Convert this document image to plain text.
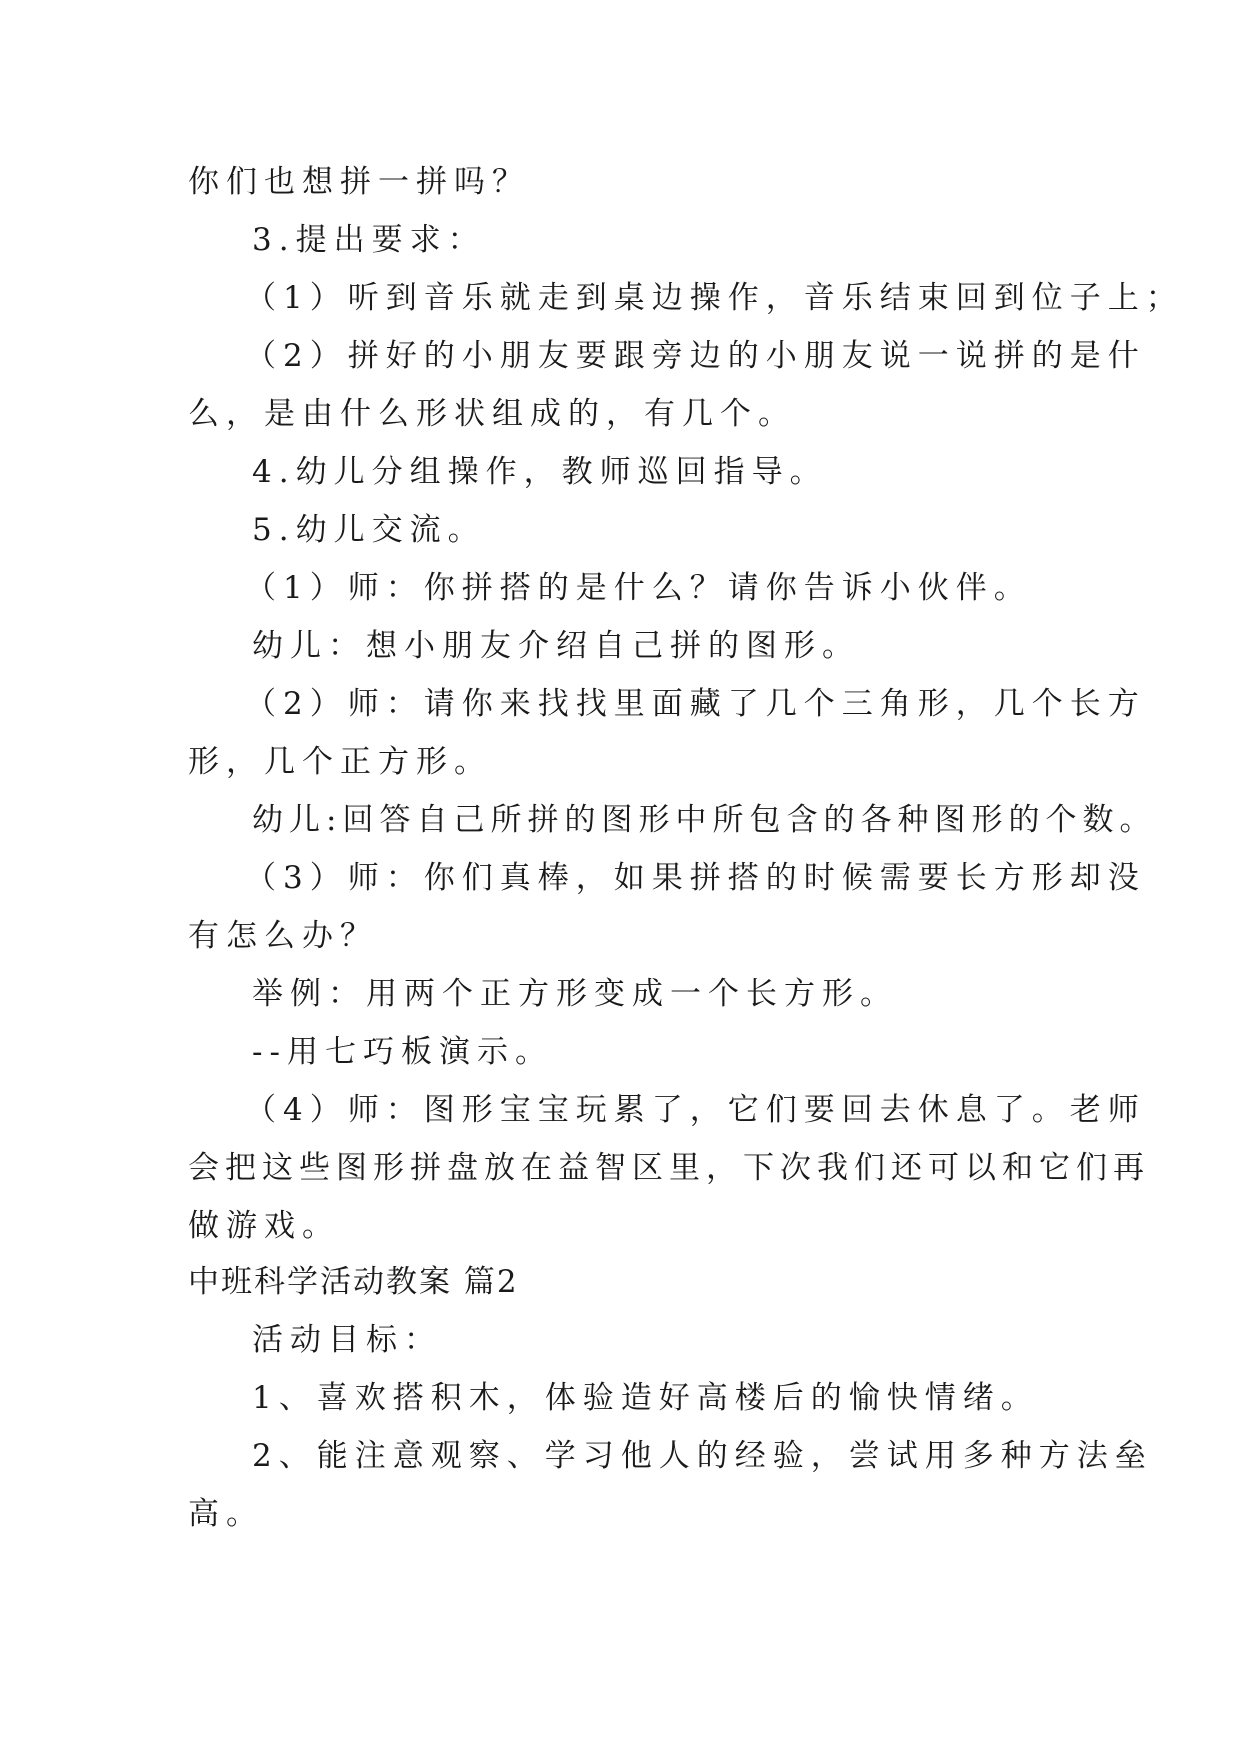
你们也想拼一拼吗？
3.提出要求：
（1）听到音乐就走到桌边操作，音乐结束回到位子上；
（2）拼好的小朋友要跟旁边的小朋友说一说拼的是什
么，是由什么形状组成的，有几个。
4.幼儿分组操作，教师巡回指导。
5.幼儿交流。
（1）师：你拼搭的是什么？请你告诉小伙伴。
幼儿：想小朋友介绍自己拼的图形。
（2）师：请你来找找里面藏了几个三角形，几个长方
形，几个正方形。
幼儿:回答自己所拼的图形中所包含的各种图形的个数。
（3）师：你们真棒，如果拼搭的时候需要长方形却没
有怎么办？
举例：用两个正方形变成一个长方形。
--用七巧板演示。
（4）师：图形宝宝玩累了，它们要回去休息了。老师
会把这些图形拼盘放在益智区里，下次我们还可以和它们再
做游戏。
中班科学活动教案 篇2
活动目标：
1、喜欢搭积木，体验造好高楼后的愉快情绪。
2、能注意观察、学习他人的经验，尝试用多种方法垒
高。
